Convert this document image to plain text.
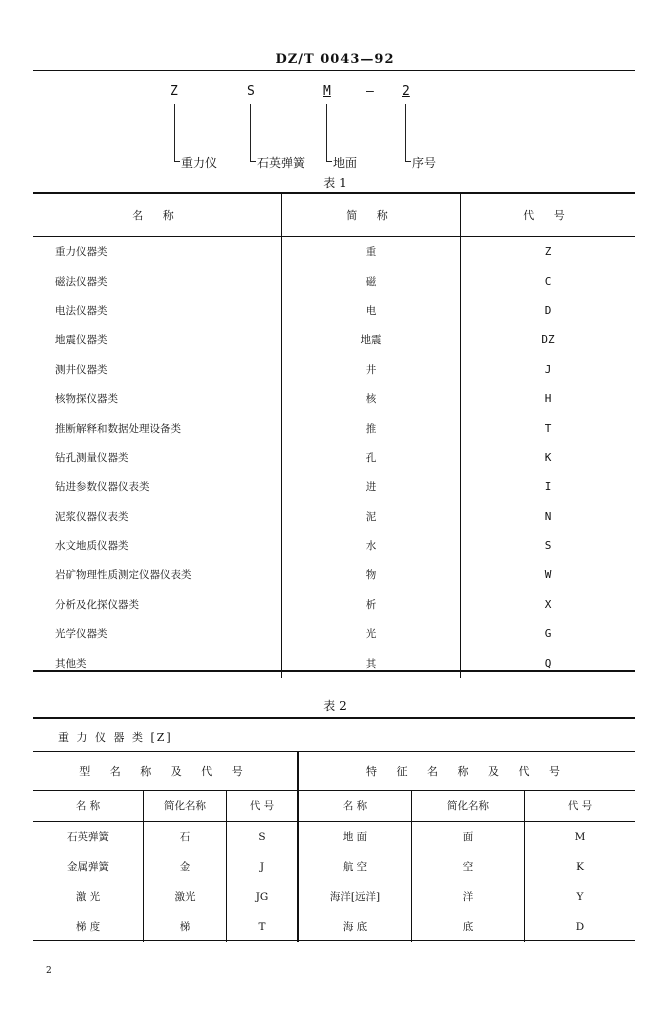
DZ/T 0043—92
Z	S	M	— 2
重力仪	石英弹簧 地面	序号
表 1
名 称	简 称	代 号
重力仪器类	重	Z
磁法仪器类	磁	C
电法仪器类	电	D
地震仪器类	地震	DZ
测井仪器类	井	J
核物探仪器类	核	H
推断解释和数据处理设备类	推	T
钻孔测量仪器类	孔	K
钻进参数仪器仪表类	进	I
泥浆仪器仪表类	泥	N
水文地质仪器类	水	S
岩矿物理性质测定仪器仪表类	物	W
分析及化探仪器类	析	X
光学仪器类	光	G
其他类	其	Q
表 2
重 力 仪 器 类 [Z]
型 名 称 及 代 号			特 征 名 称 及 代 号		
名 称	简化名称	代 号	名 称	简化名称	代 号
石英弹簧	石	S	地 面	面	M
金属弹簧	金	J	航 空	空	K
激 光	激光	JG	海洋[远洋]	洋	Y
梯 度	梯	T	海 底	底	D
2
